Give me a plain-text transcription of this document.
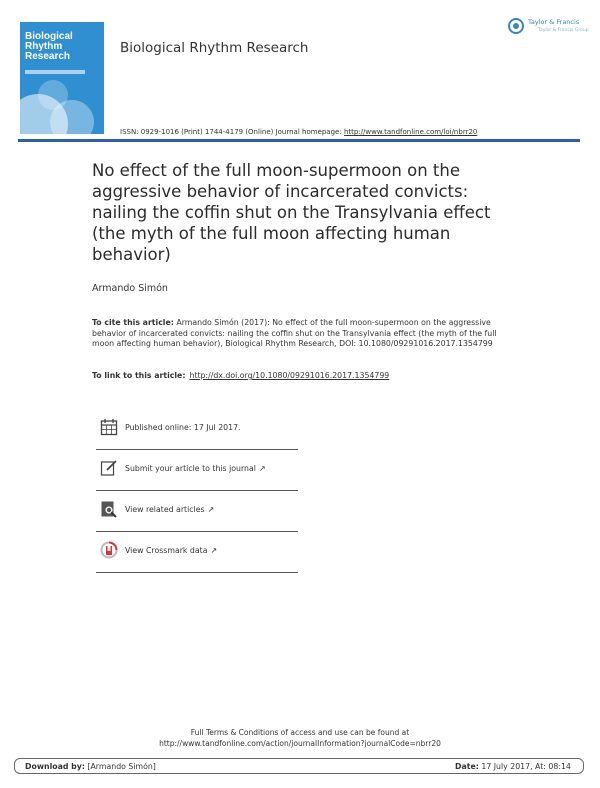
Biological
Rhythm
Research
Biological Rhythm Research
Taylor & Francis
Taylor & Francis Group
ISSN: 0929-1016 (Print) 1744-4179 (Online) Journal homepage: http://www.tandfonline.com/loi/nbrr20
No effect of the full moon-supermoon on the aggressive behavior of incarcerated convicts: nailing the coffin shut on the Transylvania effect (the myth of the full moon affecting human behavior)
Armando Simón
To cite this article: Armando Simón (2017): No effect of the full moon-supermoon on the aggressive behavior of incarcerated convicts: nailing the coffin shut on the Transylvania effect (the myth of the full moon affecting human behavior), Biological Rhythm Research, DOI: 10.1080/09291016.2017.1354799
To link to this article: http://dx.doi.org/10.1080/09291016.2017.1354799
Published online: 17 Jul 2017.
Submit your article to this journal ↗
View related articles ↗
View Crossmark data ↗
Full Terms & Conditions of access and use can be found at
http://www.tandfonline.com/action/journalInformation?journalCode=nbrr20
Download by: [Armando Simón]	Date: 17 July 2017, At: 08:14
